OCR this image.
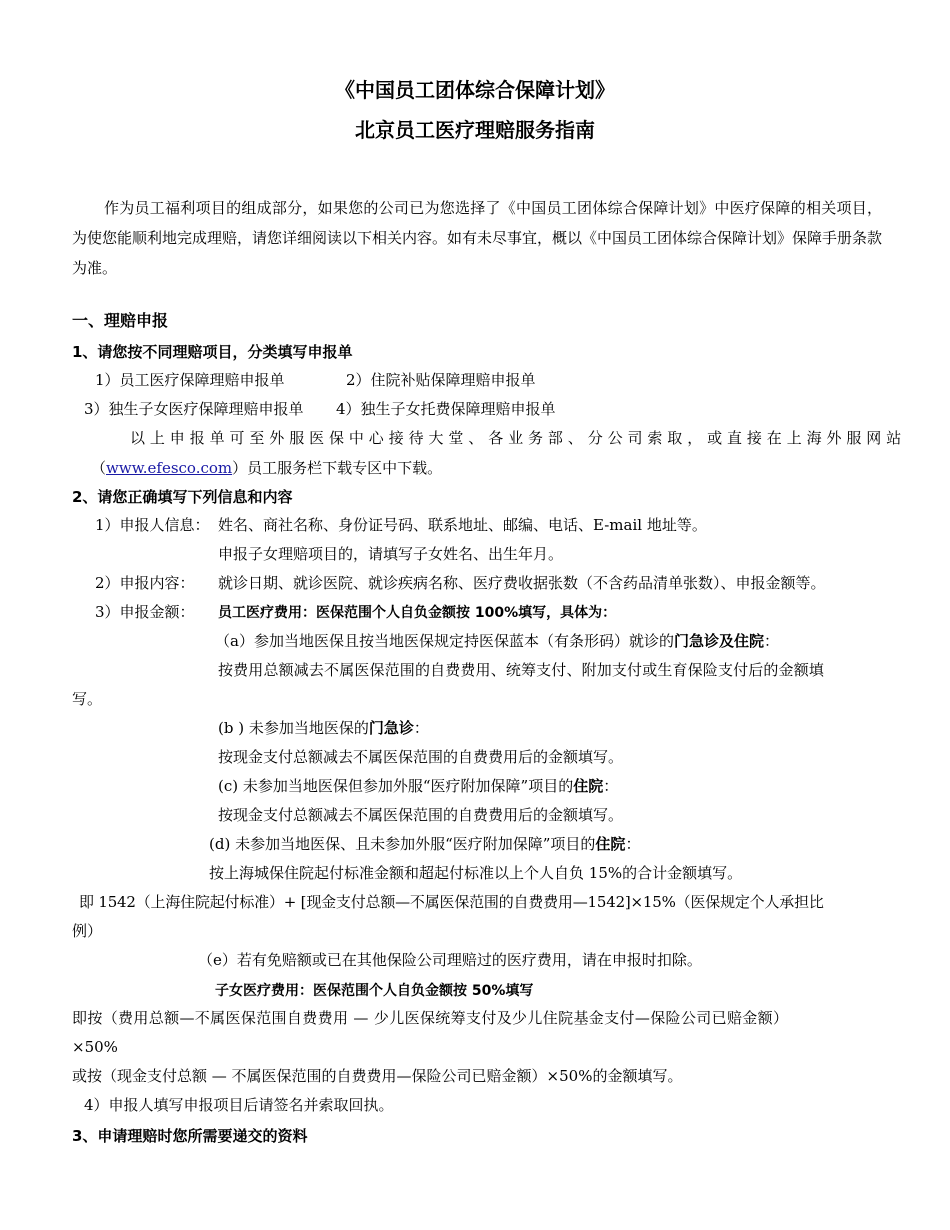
《中国员工团体综合保障计划》
北京员工医疗理赔服务指南
作为员工福利项目的组成部分，如果您的公司已为您选择了《中国员工团体综合保障计划》中医疗保障的相关项目，为使您能顺利地完成理赔，请您详细阅读以下相关内容。如有未尽事宜，概以《中国员工团体综合保障计划》保障手册条款为准。
一、理赔申报
1、请您按不同理赔项目，分类填写申报单
1）员工医疗保障理赔申报单	2）住院补贴保障理赔申报单
3）独生子女医疗保障理赔申报单 4）独生子女托费保障理赔申报单
以上申报单可至外服医保中心接待大堂、各业务部、分公司索取，或直接在上海外服网站
（www.efesco.com）员工服务栏下载专区中下载。
2、请您正确填写下列信息和内容
1）申报人信息： 姓名、商社名称、身份证号码、联系地址、邮编、电话、E-mail 地址等。
申报子女理赔项目的，请填写子女姓名、出生年月。
2）申报内容： 就诊日期、就诊医院、就诊疾病名称、医疗费收据张数（不含药品清单张数）、申报金额等。
3）申报金额： 员工医疗费用：医保范围个人自负金额按 100%填写，具体为：
（a）参加当地医保且按当地医保规定持医保蓝本（有条形码）就诊的门急诊及住院：
按费用总额减去不属医保范围的自费费用、统筹支付、附加支付或生育保险支付后的金额填
写。
(b ) 未参加当地医保的门急诊：
按现金支付总额减去不属医保范围的自费费用后的金额填写。
(c) 未参加当地医保但参加外服“医疗附加保障”项目的住院：
按现金支付总额减去不属医保范围的自费费用后的金额填写。
(d) 未参加当地医保、且未参加外服“医疗附加保障”项目的住院：
按上海城保住院起付标准金额和超起付标准以上个人自负 15%的合计金额填写。
即 1542（上海住院起付标准）+ [现金支付总额—不属医保范围的自费费用—1542]×15%（医保规定个人承担比
例）
（e）若有免赔额或已在其他保险公司理赔过的医疗费用，请在申报时扣除。
子女医疗费用：医保范围个人自负金额按 50%填写
即按（费用总额—不属医保范围自费费用 — 少儿医保统筹支付及少儿住院基金支付—保险公司已赔金额）
×50%
或按（现金支付总额 — 不属医保范围的自费费用—保险公司已赔金额）×50%的金额填写。
4）申报人填写申报项目后请签名并索取回执。
3、申请理赔时您所需要递交的资料
